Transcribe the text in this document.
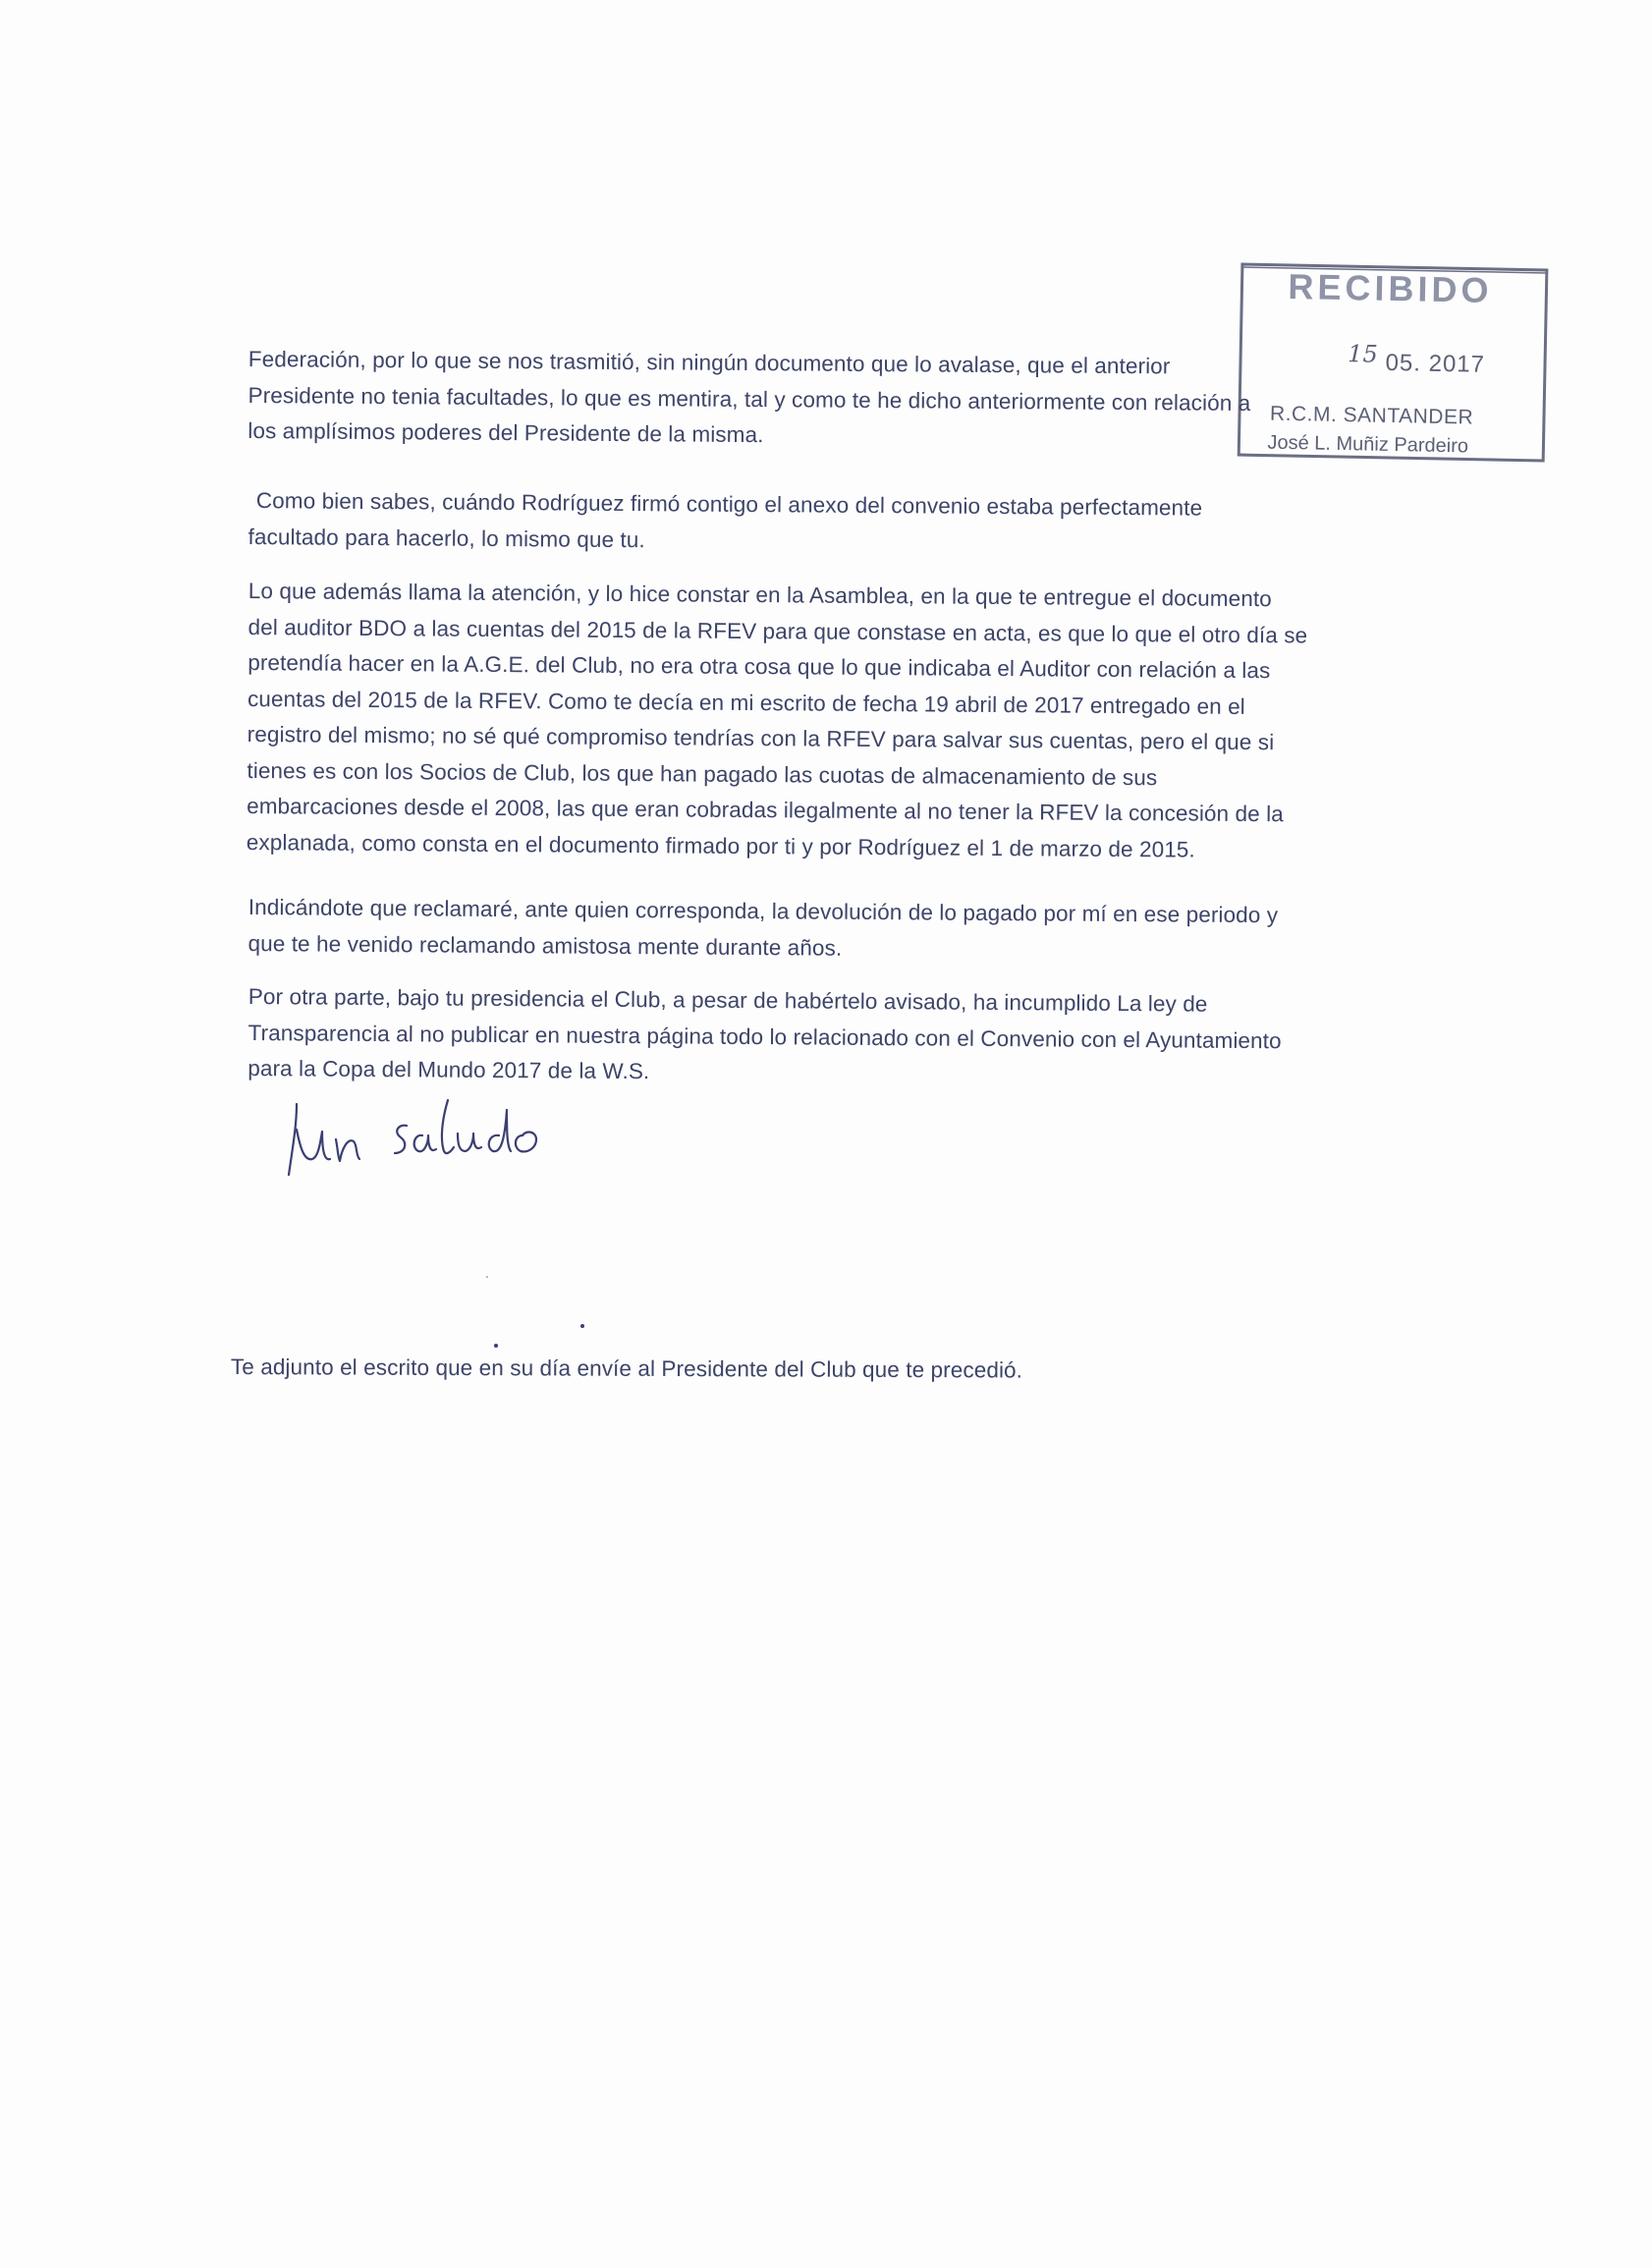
RECIBIDO
15 05. 2017
R.C.M. SANTANDER
José L. Muñiz Pardeiro
Federación, por lo que se nos trasmitió, sin ningún documento que lo avalase, que el anterior
Presidente no tenia facultades, lo que es mentira, tal y como te he dicho anteriormente con relación a
los amplísimos poderes del Presidente de la misma.
Como bien sabes, cuándo Rodríguez firmó contigo el anexo del convenio estaba perfectamente
facultado para hacerlo, lo mismo que tu.
Lo que además llama la atención, y lo hice constar en la Asamblea, en la que te entregue el documento
del auditor BDO a las cuentas del 2015 de la RFEV para que constase en acta, es que lo que el otro día se
pretendía hacer en la A.G.E. del Club, no era otra cosa que lo que indicaba el Auditor con relación a las
cuentas del 2015 de la RFEV. Como te decía en mi escrito de fecha 19 abril de 2017 entregado en el
registro del mismo; no sé qué compromiso tendrías con la RFEV para salvar sus cuentas, pero el que si
tienes es con los Socios de Club, los que han pagado las cuotas de almacenamiento de sus
embarcaciones desde el 2008, las que eran cobradas ilegalmente al no tener la RFEV la concesión de la
explanada, como consta en el documento firmado por ti y por Rodríguez el 1 de marzo de 2015.
Indicándote que reclamaré, ante quien corresponda, la devolución de lo pagado por mí en ese periodo y
que te he venido reclamando amistosa mente durante años.
Por otra parte, bajo tu presidencia el Club, a pesar de habértelo avisado, ha incumplido La ley de
Transparencia al no publicar en nuestra página todo lo relacionado con el Convenio con el Ayuntamiento
para la Copa del Mundo 2017 de la W.S.
Un saludo
Te adjunto el escrito que en su día envíe al Presidente del Club que te precedió.
